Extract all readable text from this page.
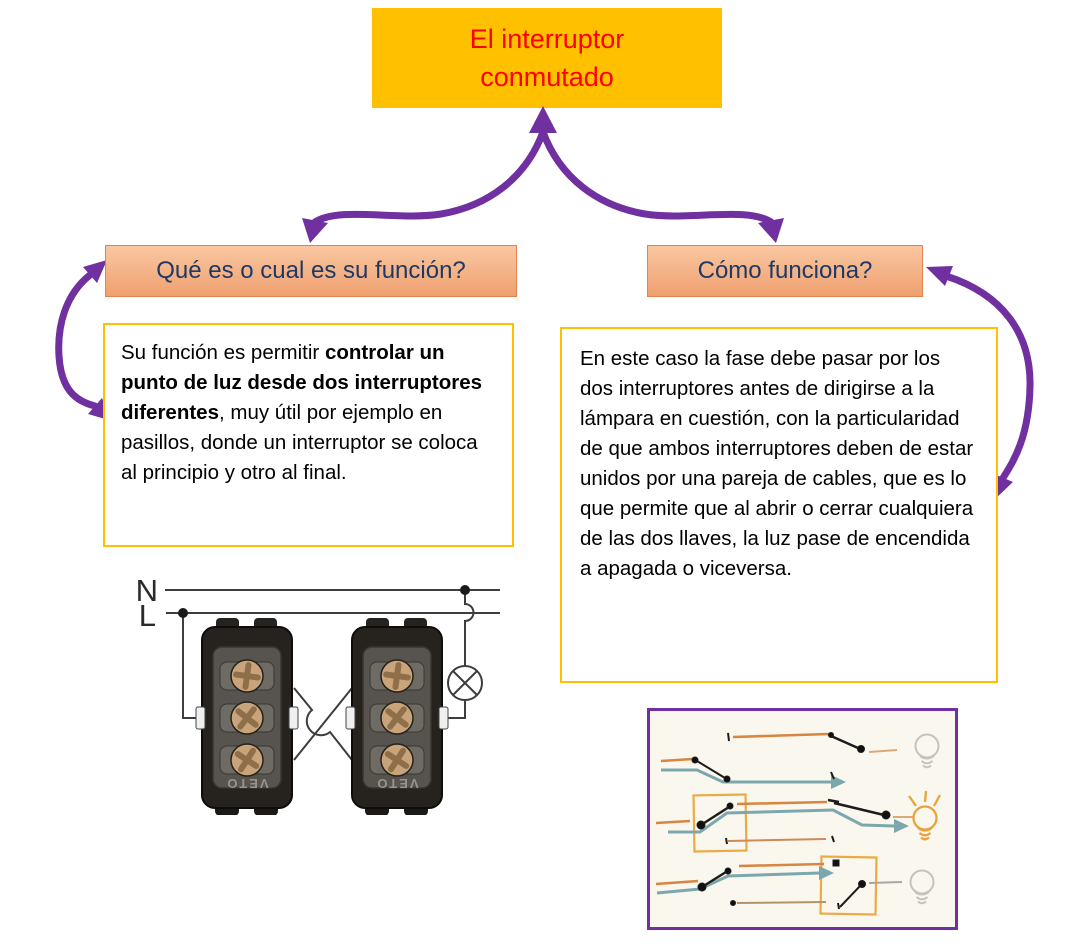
El interruptor conmutado
Qué es o cual es su función?	Cómo funciona?

Su función es permitir controlar un punto de luz desde dos interruptores diferentes, muy útil por ejemplo en pasillos, donde un interruptor se coloca al principio y otro al final.

En este caso la fase debe pasar por los dos interruptores antes de dirigirse a la lámpara en cuestión, con la particularidad de que ambos interruptores deben de estar unidos por una pareja de cables, que es lo que permite que al abrir o cerrar cualquiera de las dos llaves, la luz pase de encendida a apagada o viceversa.

N
L
VETO	VETO
